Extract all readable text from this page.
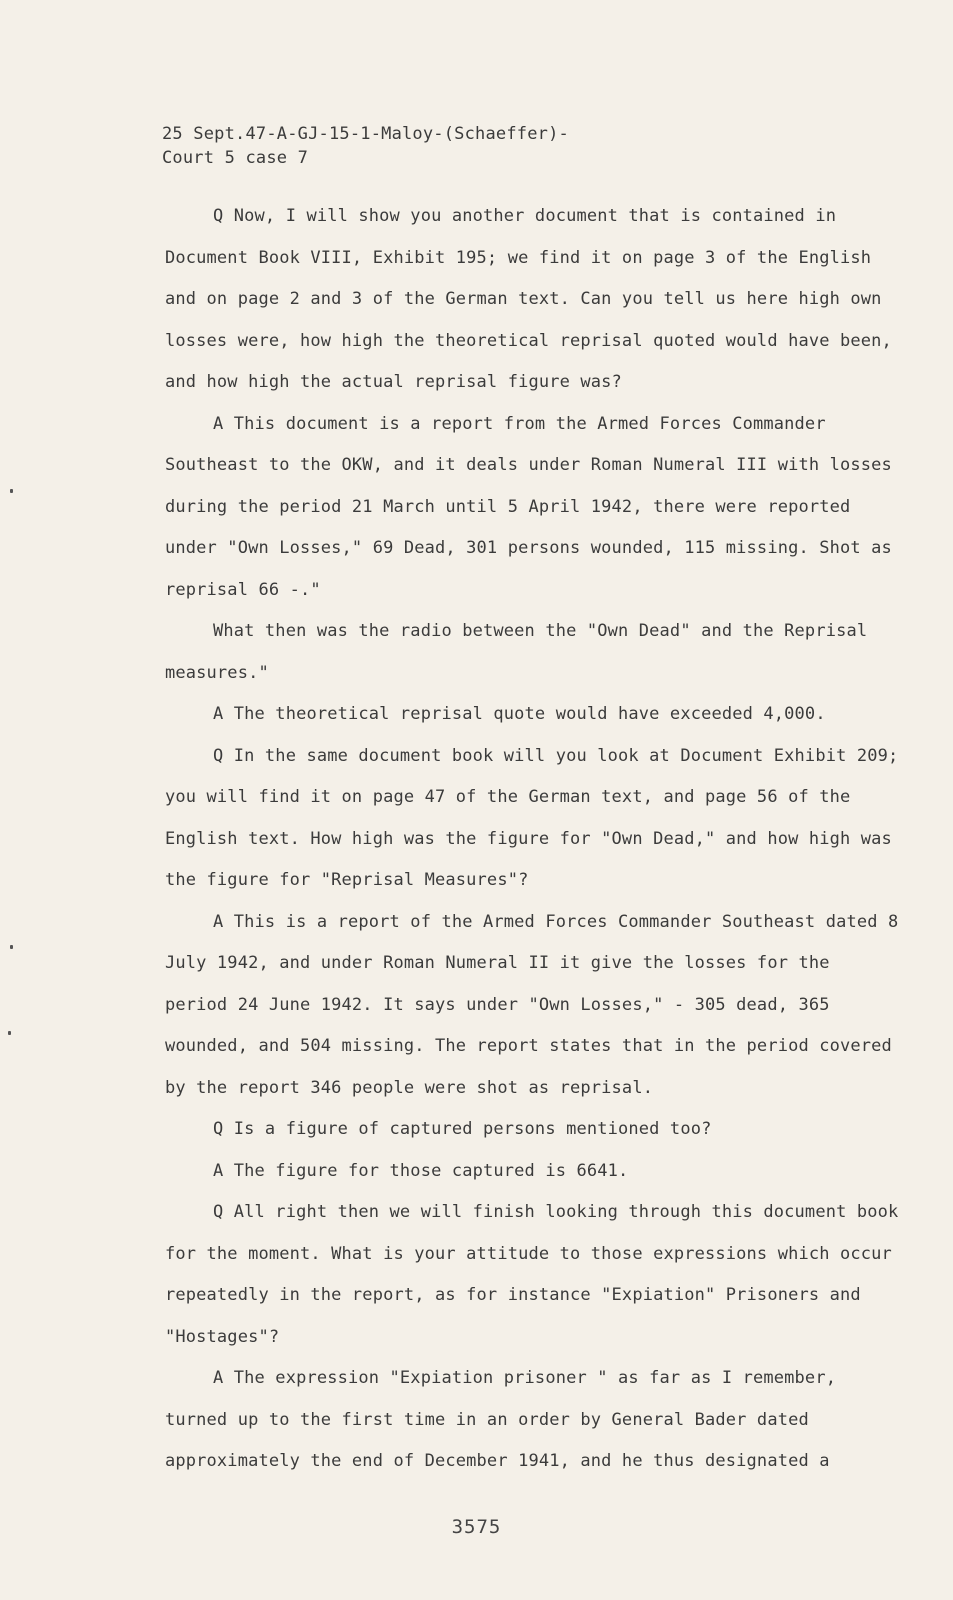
25 Sept.47-A-GJ-15-1-Maloy-(Schaeffer)-
Court 5 case 7

Q Now, I will show you another document that is contained in Document Book VIII, Exhibit 195; we find it on page 3 of the English and on page 2 and 3 of the German text. Can you tell us here high own losses were, how high the theoretical reprisal quoted would have been, and how high the actual reprisal figure was?

A This document is a report from the Armed Forces Commander Southeast to the OKW, and it deals under Roman Numeral III with losses during the period 21 March until 5 April 1942, there were reported under "Own Losses," 69 Dead, 301 persons wounded, 115 missing. Shot as reprisal 66 -."

What then was the radio between the "Own Dead" and the Reprisal measures."

A The theoretical reprisal quote would have exceeded 4,000.

Q In the same document book will you look at Document Exhibit 209; you will find it on page 47 of the German text, and page 56 of the English text. How high was the figure for "Own Dead," and how high was the figure for "Reprisal Measures"?

A This is a report of the Armed Forces Commander Southeast dated 8 July 1942, and under Roman Numeral II it give the losses for the period 24 June 1942. It says under "Own Losses," - 305 dead, 365 wounded, and 504 missing. The report states that in the period covered by the report 346 people were shot as reprisal.

Q Is a figure of captured persons mentioned too?

A The figure for those captured is 6641.

Q All right then we will finish looking through this document book for the moment. What is your attitude to those expressions which occur repeatedly in the report, as for instance "Expiation" Prisoners and "Hostages"?

A The expression "Expiation prisoner " as far as I remember, turned up to the first time in an order by General Bader dated approximately the end of December 1941, and he thus designated a

3575
